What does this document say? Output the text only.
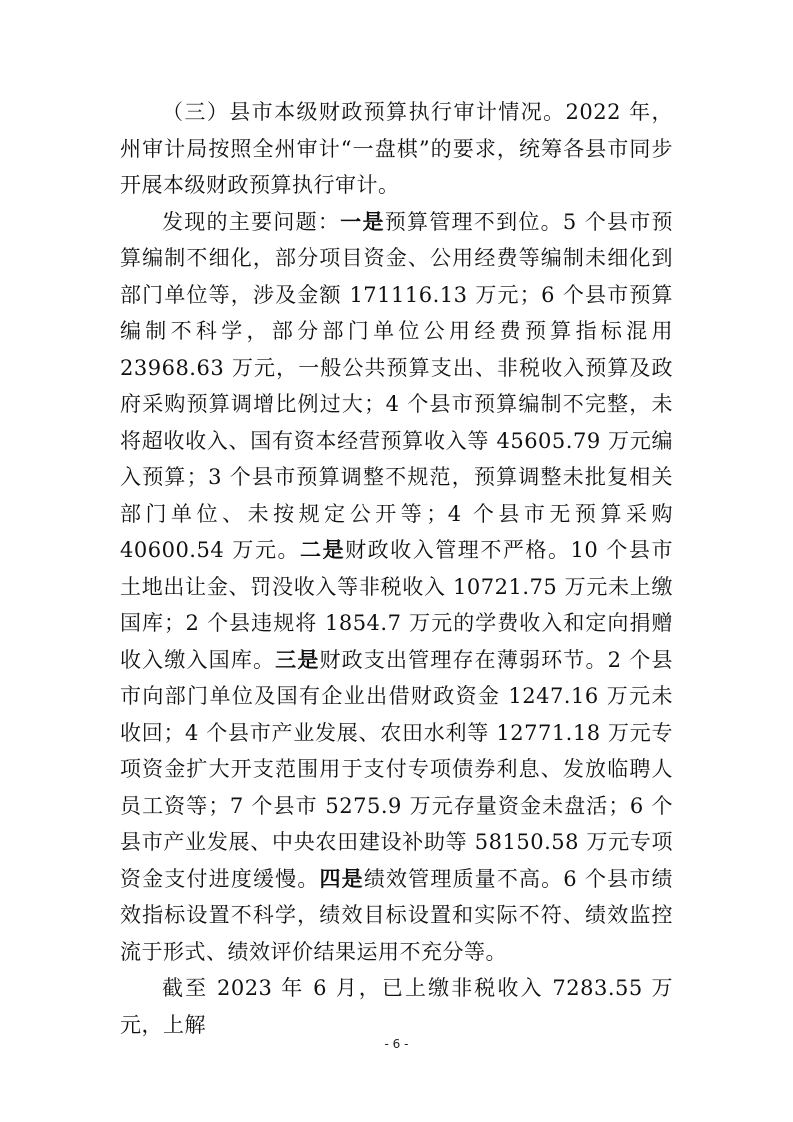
（三）县市本级财政预算执行审计情况。2022 年，州审计局按照全州审计“一盘棋”的要求，统筹各县市同步开展本级财政预算执行审计。

发现的主要问题：一是预算管理不到位。5 个县市预算编制不细化，部分项目资金、公用经费等编制未细化到部门单位等，涉及金额 171116.13 万元；6 个县市预算编制不科学，部分部门单位公用经费预算指标混用 23968.63 万元，一般公共预算支出、非税收入预算及政府采购预算调增比例过大；4 个县市预算编制不完整，未将超收收入、国有资本经营预算收入等 45605.79 万元编入预算；3 个县市预算调整不规范，预算调整未批复相关部门单位、未按规定公开等；4 个县市无预算采购 40600.54 万元。二是财政收入管理不严格。10 个县市土地出让金、罚没收入等非税收入 10721.75 万元未上缴国库；2 个县违规将 1854.7 万元的学费收入和定向捐赠收入缴入国库。三是财政支出管理存在薄弱环节。2 个县市向部门单位及国有企业出借财政资金 1247.16 万元未收回；4 个县市产业发展、农田水利等 12771.18 万元专项资金扩大开支范围用于支付专项债券利息、发放临聘人员工资等；7 个县市 5275.9 万元存量资金未盘活；6 个县市产业发展、中央农田建设补助等 58150.58 万元专项资金支付进度缓慢。四是绩效管理质量不高。6 个县市绩效指标设置不科学，绩效目标设置和实际不符、绩效监控流于形式、绩效评价结果运用不充分等。

截至 2023 年 6 月，已上缴非税收入 7283.55 万元，上解

- 6 -
